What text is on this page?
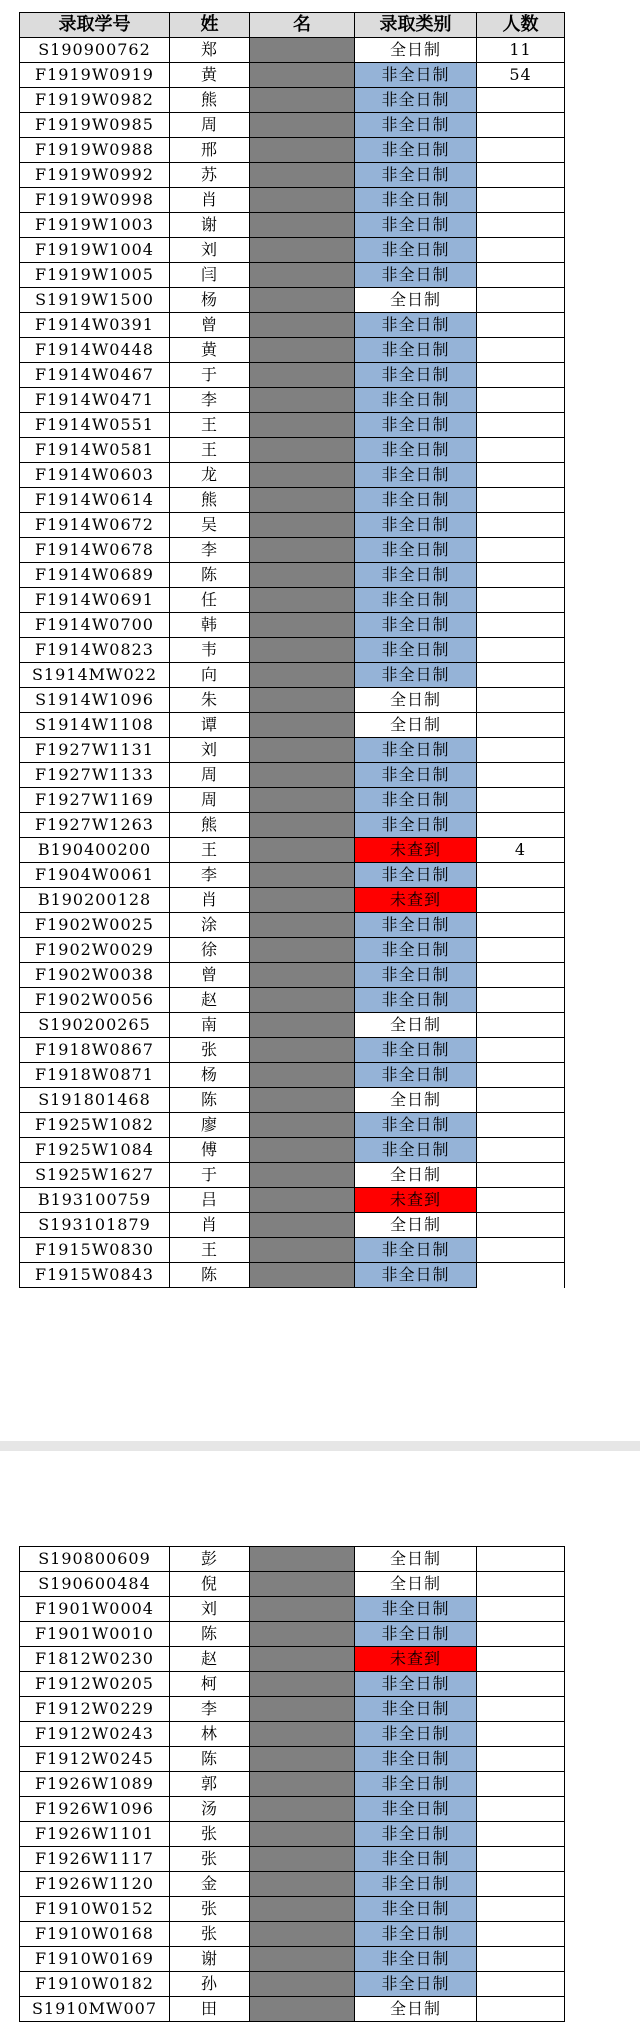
录取学号	姓	名	录取类别	人数
S190900762	郑		全日制	11
F1919W0919	黄		非全日制	54
F1919W0982	熊		非全日制	
F1919W0985	周		非全日制	
F1919W0988	邢		非全日制	
F1919W0992	苏		非全日制	
F1919W0998	肖		非全日制	
F1919W1003	谢		非全日制	
F1919W1004	刘		非全日制	
F1919W1005	闫		非全日制	
S1919W1500	杨		全日制	
F1914W0391	曾		非全日制	
F1914W0448	黄		非全日制	
F1914W0467	于		非全日制	
F1914W0471	李		非全日制	
F1914W0551	王		非全日制	
F1914W0581	王		非全日制	
F1914W0603	龙		非全日制	
F1914W0614	熊		非全日制	
F1914W0672	吴		非全日制	
F1914W0678	李		非全日制	
F1914W0689	陈		非全日制	
F1914W0691	任		非全日制	
F1914W0700	韩		非全日制	
F1914W0823	韦		非全日制	
S1914MW022	向		非全日制	
S1914W1096	朱		全日制	
S1914W1108	谭		全日制	
F1927W1131	刘		非全日制	
F1927W1133	周		非全日制	
F1927W1169	周		非全日制	
F1927W1263	熊		非全日制	
B190400200	王		未查到	4
F1904W0061	李		非全日制	
B190200128	肖		未查到	
F1902W0025	涂		非全日制	
F1902W0029	徐		非全日制	
F1902W0038	曾		非全日制	
F1902W0056	赵		非全日制	
S190200265	南		全日制	
F1918W0867	张		非全日制	
F1918W0871	杨		非全日制	
S191801468	陈		全日制	
F1925W1082	廖		非全日制	
F1925W1084	傅		非全日制	
S1925W1627	于		全日制	
B193100759	吕		未查到	
S193101879	肖		全日制	
F1915W0830	王		非全日制	
F1915W0843	陈		非全日制	
S190800609	彭		全日制	
S190600484	倪		全日制	
F1901W0004	刘		非全日制	
F1901W0010	陈		非全日制	
F1812W0230	赵		未查到	
F1912W0205	柯		非全日制	
F1912W0229	李		非全日制	
F1912W0243	林		非全日制	
F1912W0245	陈		非全日制	
F1926W1089	郭		非全日制	
F1926W1096	汤		非全日制	
F1926W1101	张		非全日制	
F1926W1117	张		非全日制	
F1926W1120	金		非全日制	
F1910W0152	张		非全日制	
F1910W0168	张		非全日制	
F1910W0169	谢		非全日制	
F1910W0182	孙		非全日制	
S1910MW007	田		全日制	
